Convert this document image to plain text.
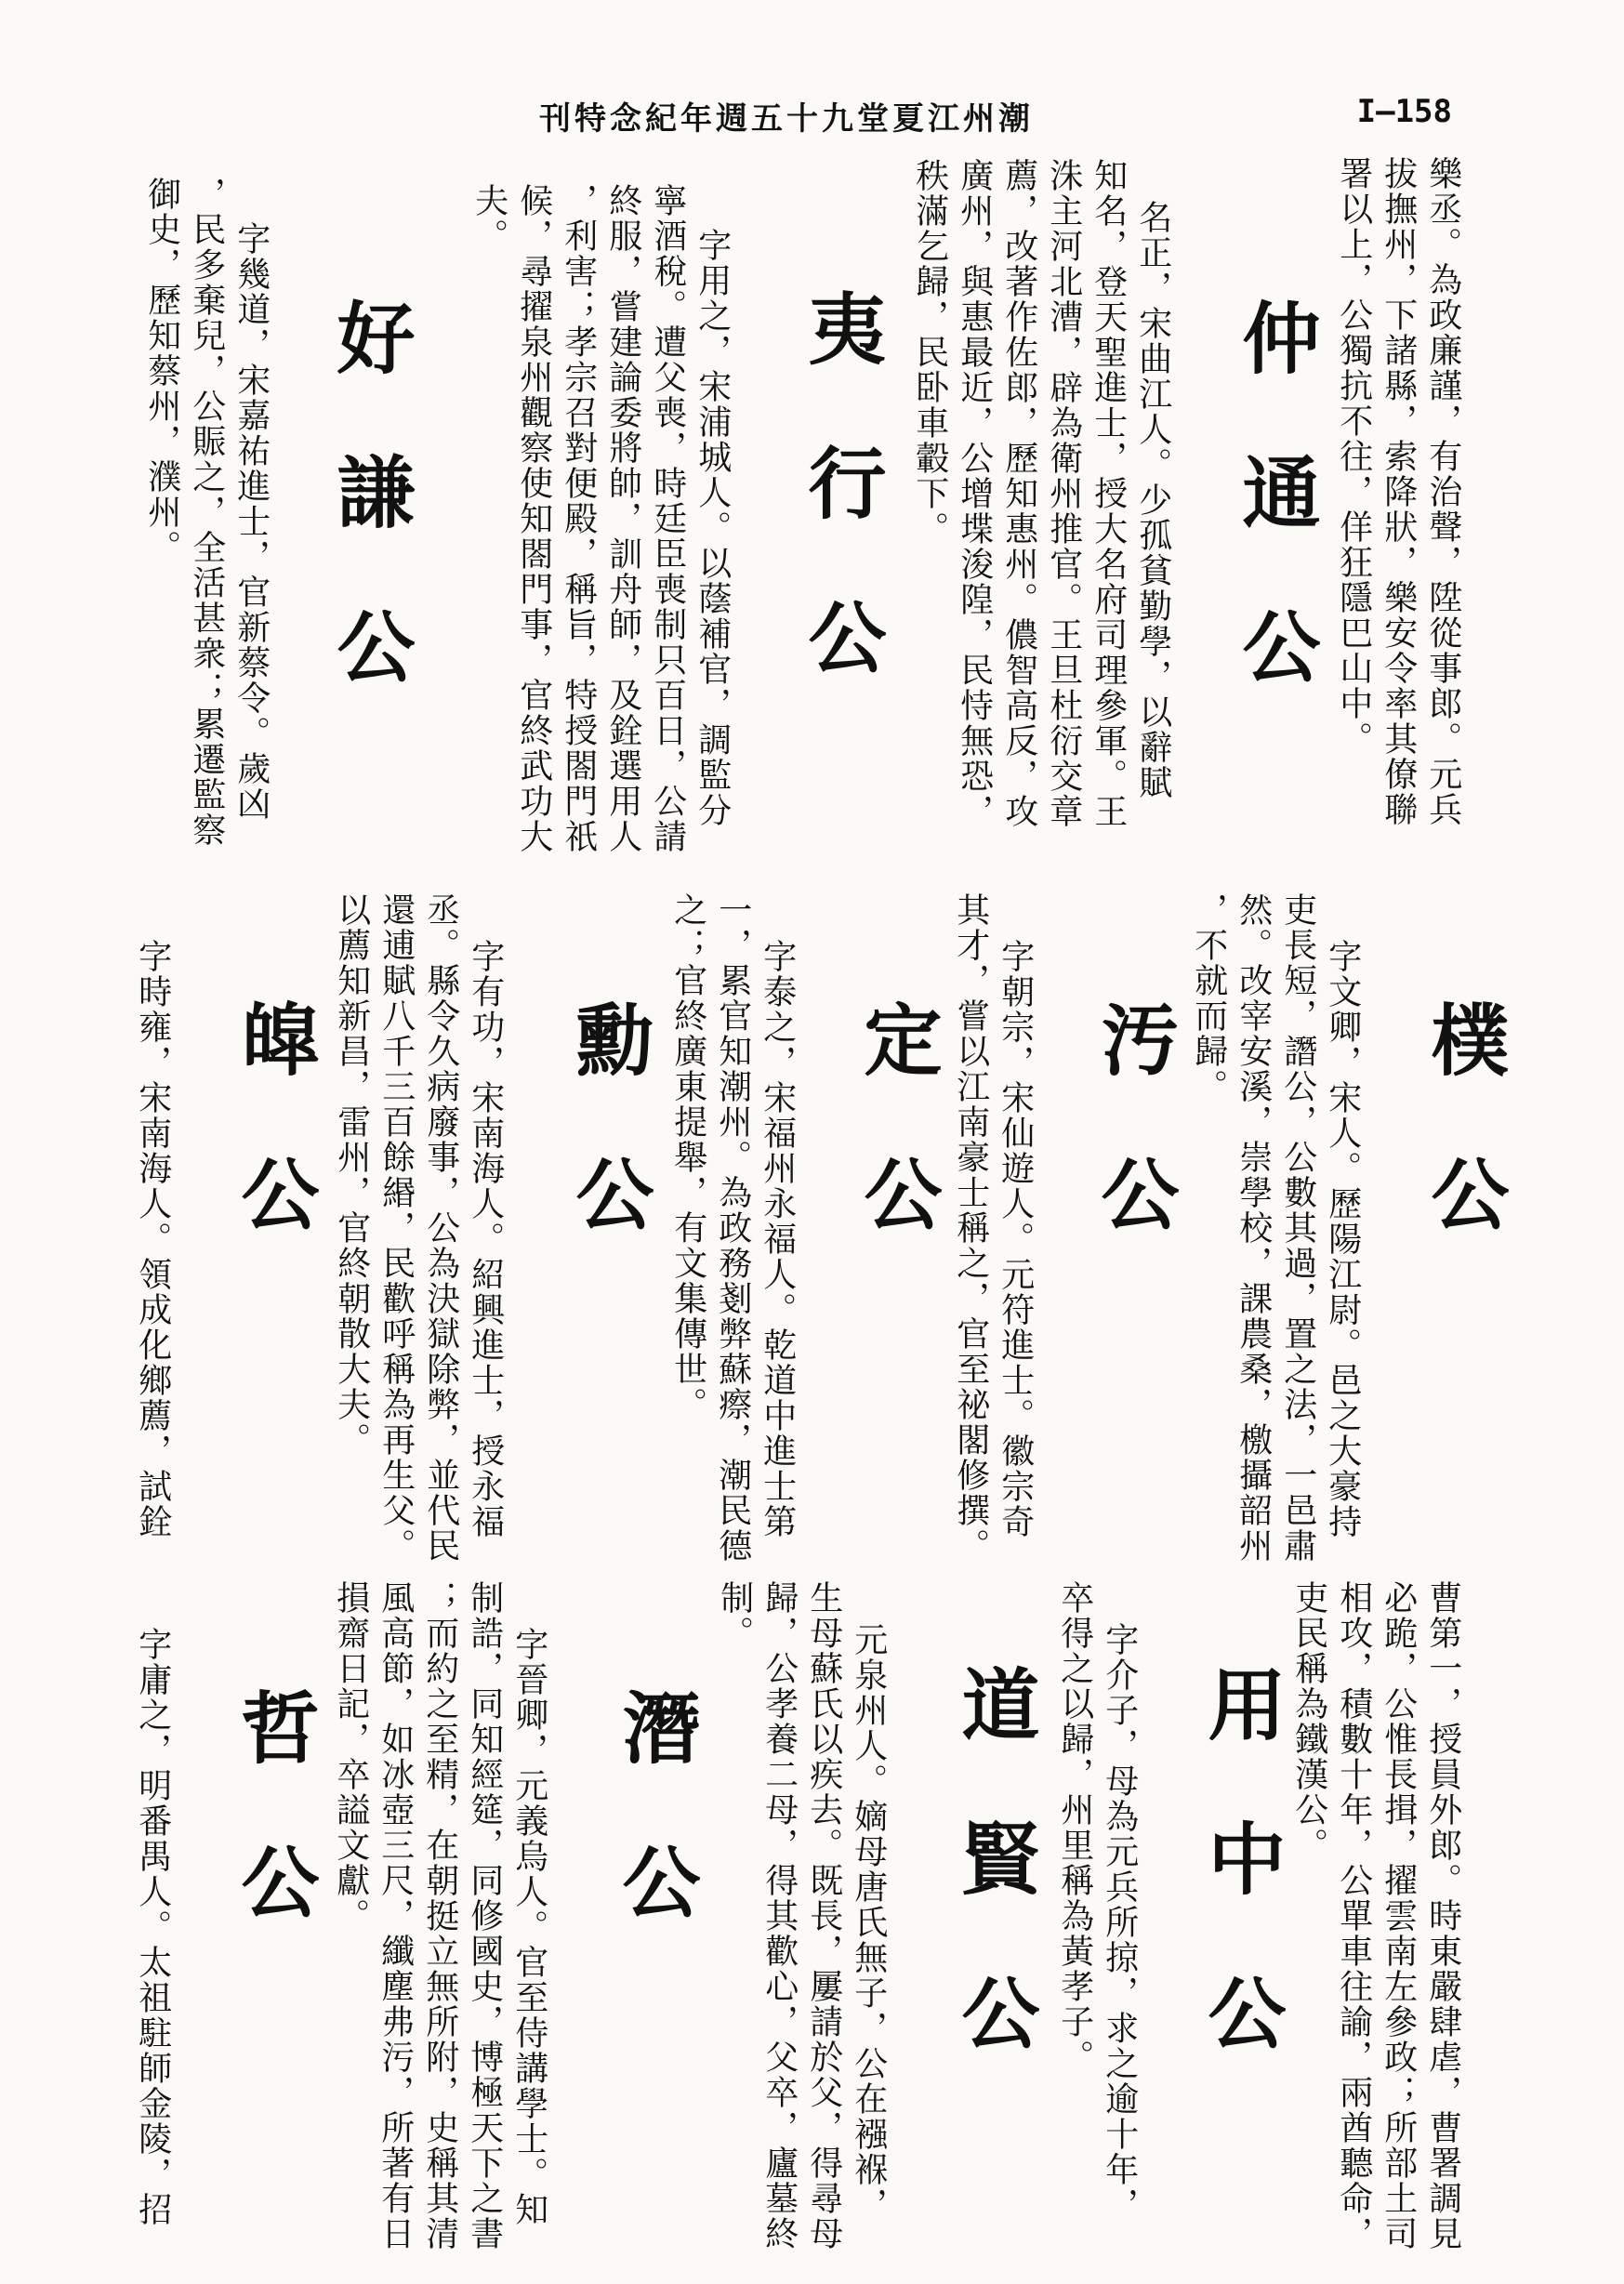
潮州江夏堂九十五週年紀念特刊	I—158
樂丞。為政廉謹，有治聲，陞從事郎。元兵
拔撫州，下諸縣，索降狀，樂安令率其僚聯
署以上，公獨抗不往，佯狂隱巴山中。
仲通公
名正，宋曲江人。少孤貧勤學，以辭賦
知名，登天聖進士，授大名府司理參軍。王
洙主河北漕，辟為衛州推官。王旦杜衍交章
薦，改著作佐郎，歷知惠州。儂智高反，攻
廣州，與惠最近，公增堞浚隍，民恃無恐，
秩滿乞歸，民卧車轂下。
夷行公
字用之，宋浦城人。以蔭補官，調監分
寧酒稅。遭父喪，時廷臣喪制只百日，公請
終服，嘗建論委將帥，訓舟師，及銓選用人
，利害；孝宗召對便殿，稱旨，特授閤門祇
候，尋擢泉州觀察使知閤門事，官終武功大
夫。
好謙公
字幾道，宋嘉祐進士，官新蔡令。歲凶
，民多棄兒，公賑之，全活甚衆；累遷監察
御史，歷知蔡州，濮州。
樸公
字文卿，宋人。歷陽江尉。邑之大豪持
吏長短，譖公，公數其過，置之法，一邑肅
然。改宰安溪，崇學校，課農桑，檄攝韶州
，不就而歸。
汚公
字朝宗，宋仙遊人。元符進士。徽宗奇
其才，嘗以江南豪士稱之，官至祕閣修撰。
定公
字泰之，宋福州永福人。乾道中進士第
一，累官知潮州。為政務剗弊蘇瘵，潮民德
之；官終廣東提舉，有文集傳世。
勳公
字有功，宋南海人。紹興進士，授永福
丞。縣令久病廢事，公為決獄除弊，並代民
還逋賦八千三百餘緡，民歡呼稱為再生父。
以薦知新昌，雷州，官終朝散大夫。
皡公
字時雍，宋南海人。領成化鄉薦，試銓
曹第一，授員外郎。時東嚴肆虐，曹署調見
必跪，公惟長揖，擢雲南左參政；所部土司
相攻，積數十年，公單車往諭，兩酋聽命，
吏民稱為鐵漢公。
用中公
字介子，母為元兵所掠，求之逾十年，
卒得之以歸，州里稱為黃孝子。
道賢公
元泉州人。嫡母唐氏無子，公在襁褓，
生母蘇氏以疾去。既長，屢請於父，得尋母
歸，公孝養二母，得其歡心，父卒，廬墓終
制。
潛公
字晉卿，元義烏人。官至侍講學士。知
制誥，同知經筵，同修國史，博極天下之書
；而約之至精，在朝挺立無所附，史稱其清
風高節，如冰壺三尺，纖塵弗污，所著有日
損齋日記，卒謚文獻。
哲公
字庸之，明番禺人。太祖駐師金陵，招
